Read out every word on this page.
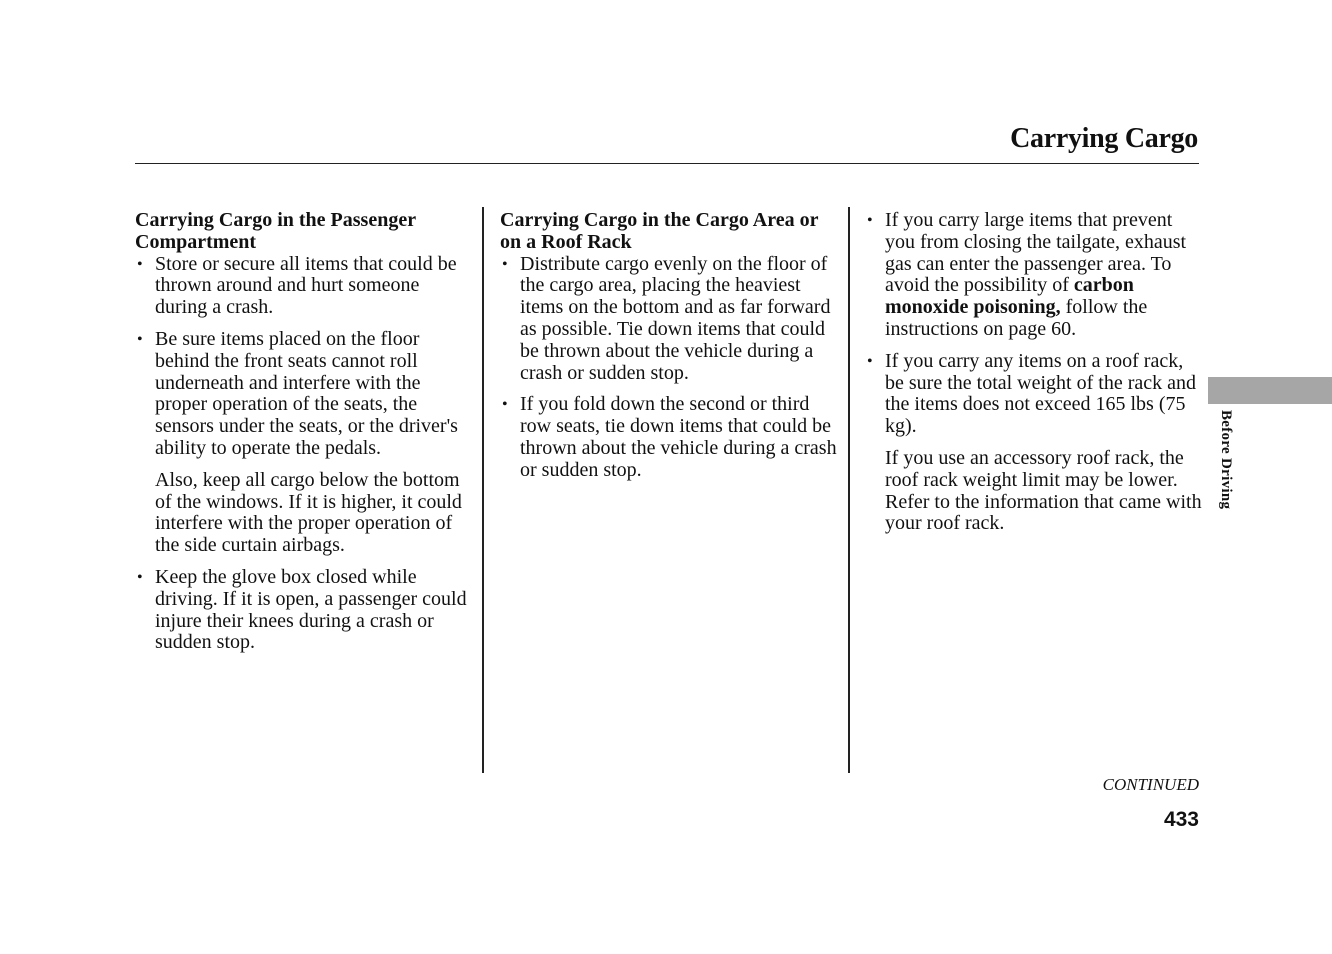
Carrying Cargo
Carrying Cargo in the Passenger Compartment
• Store or secure all items that could be thrown around and hurt someone during a crash.
• Be sure items placed on the floor behind the front seats cannot roll underneath and interfere with the proper operation of the seats, the sensors under the seats, or the driver's ability to operate the pedals.
Also, keep all cargo below the bottom of the windows. If it is higher, it could interfere with the proper operation of the side curtain airbags.
• Keep the glove box closed while driving. If it is open, a passenger could injure their knees during a crash or sudden stop.
Carrying Cargo in the Cargo Area or on a Roof Rack
• Distribute cargo evenly on the floor of the cargo area, placing the heaviest items on the bottom and as far forward as possible. Tie down items that could be thrown about the vehicle during a crash or sudden stop.
• If you fold down the second or third row seats, tie down items that could be thrown about the vehicle during a crash or sudden stop.
• If you carry large items that prevent you from closing the tailgate, exhaust gas can enter the passenger area. To avoid the possibility of carbon monoxide poisoning, follow the instructions on page 60.
• If you carry any items on a roof rack, be sure the total weight of the rack and the items does not exceed 165 lbs (75 kg).
If you use an accessory roof rack, the roof rack weight limit may be lower. Refer to the information that came with your roof rack.
Before Driving
CONTINUED
433
